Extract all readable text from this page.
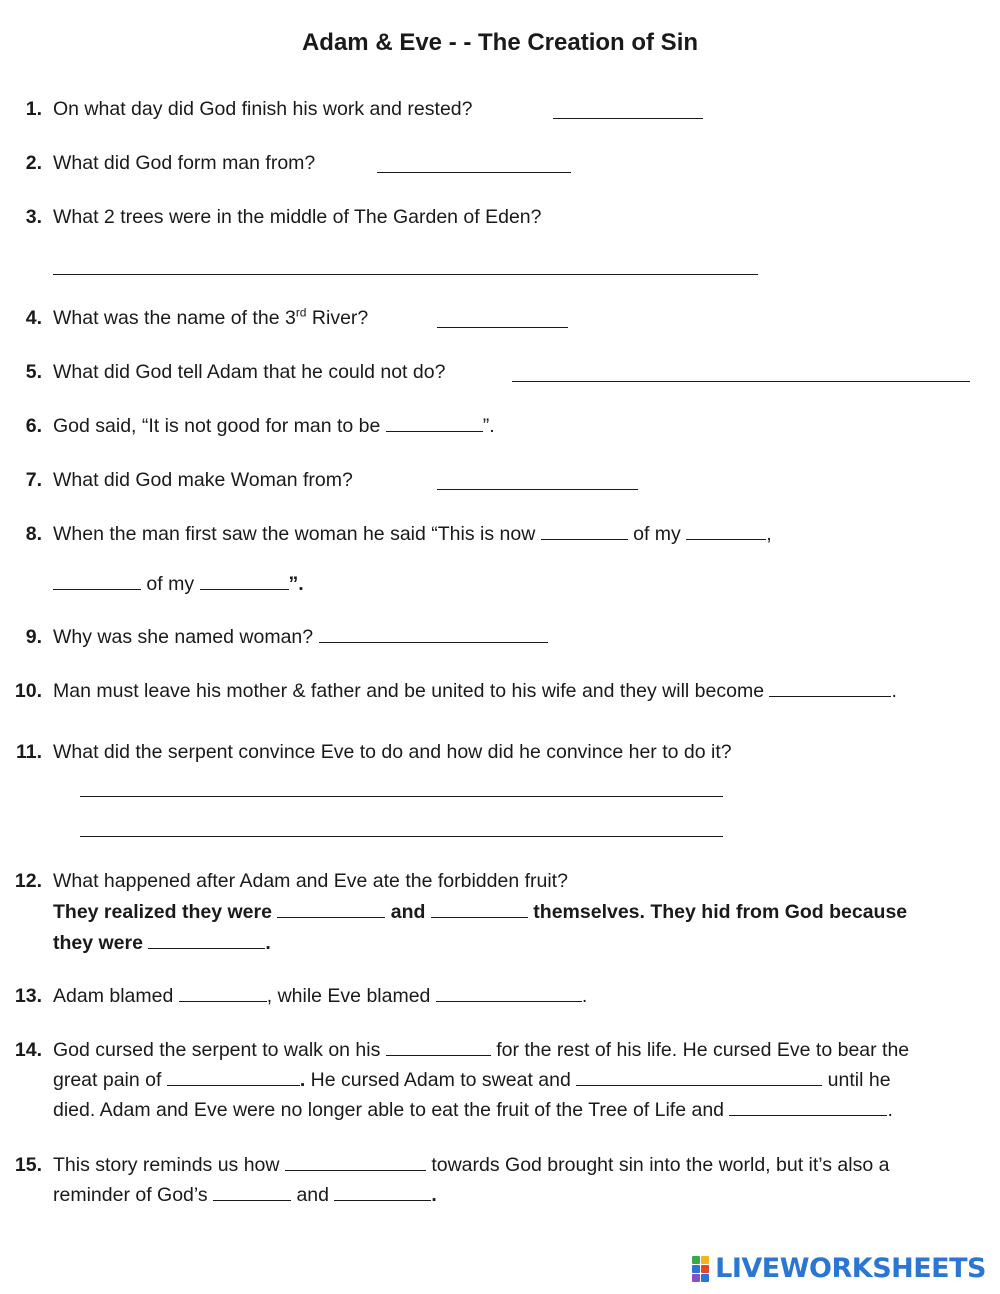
Adam & Eve - - The Creation of Sin
1. On what day did God finish his work and rested?
2. What did God form man from?
3. What 2 trees were in the middle of The Garden of Eden?
4. What was the name of the 3rd River?
5. What did God tell Adam that he could not do?
6. God said, “It is not good for man to be	”.
7. What did God make Woman from?
8. When the man first saw the woman he said “This is now	of my	,
of my	”.
9. Why was she named woman?
10. Man must leave his mother & father and be united to his wife and they will become	.
11. What did the serpent convince Eve to do and how did he convince her to do it?
12. What happened after Adam and Eve ate the forbidden fruit?
They realized they were	and	themselves. They hid from God because
they were	.
13. Adam blamed	, while Eve blamed	.
14. God cursed the serpent to walk on his	for the rest of his life. He cursed Eve to bear the
great pain of	. He cursed Adam to sweat and	until he
died. Adam and Eve were no longer able to eat the fruit of the Tree of Life and	.
15. This story reminds us how	towards God brought sin into the world, but it’s also a
reminder of God’s	and	.
LIVEWORKSHEETS
